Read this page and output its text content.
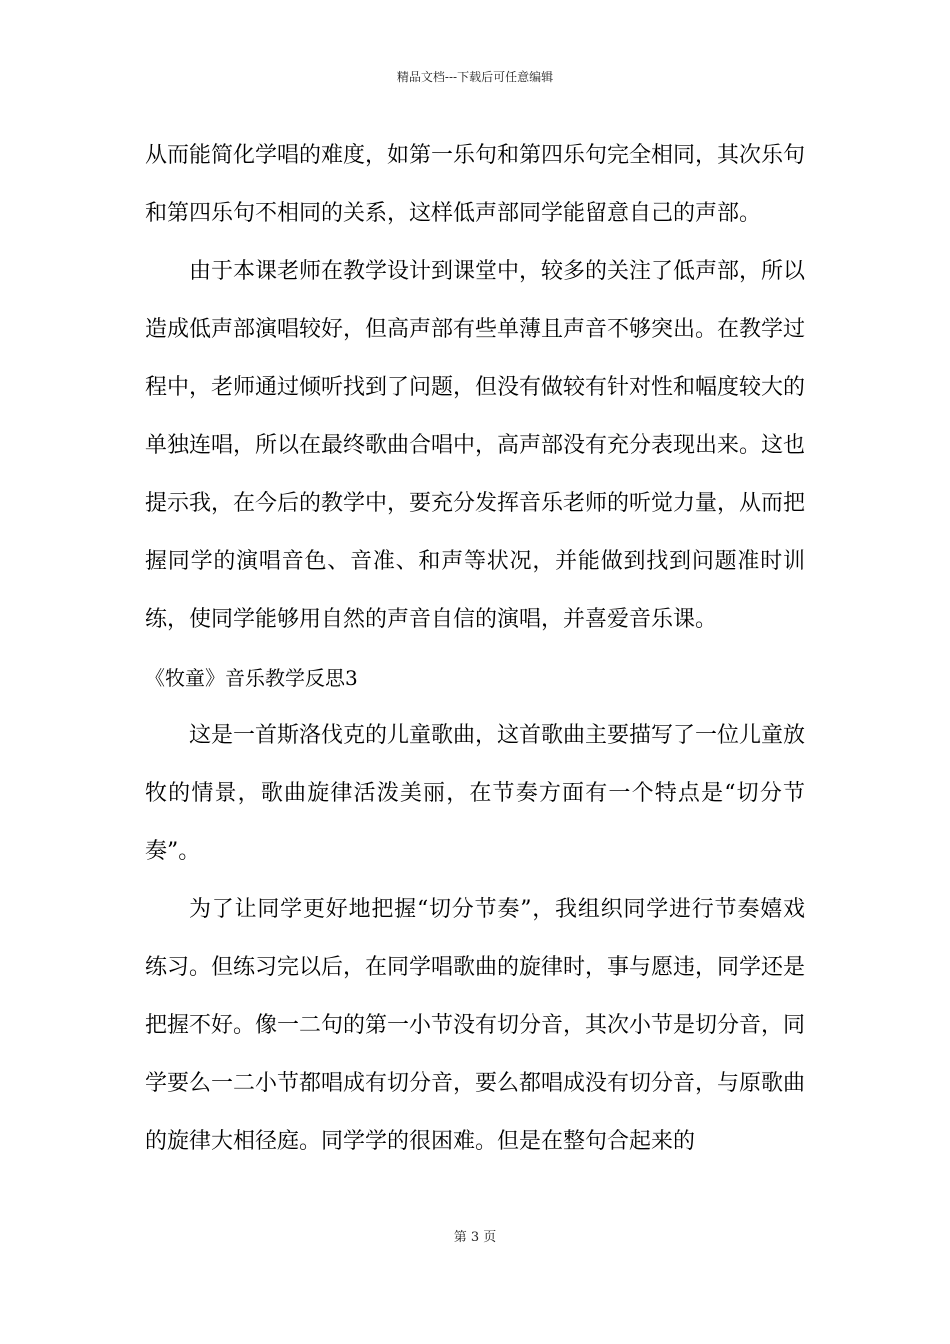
精品文档---下载后可任意编辑

从而能简化学唱的难度，如第一乐句和第四乐句完全相同，其次乐句和第四乐句不相同的关系，这样低声部同学能留意自己的声部。

由于本课老师在教学设计到课堂中，较多的关注了低声部，所以造成低声部演唱较好，但高声部有些单薄且声音不够突出。在教学过程中，老师通过倾听找到了问题，但没有做较有针对性和幅度较大的单独连唱，所以在最终歌曲合唱中，高声部没有充分表现出来。这也提示我，在今后的教学中，要充分发挥音乐老师的听觉力量，从而把握同学的演唱音色、音准、和声等状况，并能做到找到问题准时训练，使同学能够用自然的声音自信的演唱，并喜爱音乐课。

《牧童》音乐教学反思3

这是一首斯洛伐克的儿童歌曲，这首歌曲主要描写了一位儿童放牧的情景，歌曲旋律活泼美丽，在节奏方面有一个特点是“切分节奏”。

为了让同学更好地把握“切分节奏”，我组织同学进行节奏嬉戏练习。但练习完以后，在同学唱歌曲的旋律时，事与愿违，同学还是把握不好。像一二句的第一小节没有切分音，其次小节是切分音，同学要么一二小节都唱成有切分音，要么都唱成没有切分音，与原歌曲的旋律大相径庭。同学学的很困难。但是在整句合起来的

第 3 页
